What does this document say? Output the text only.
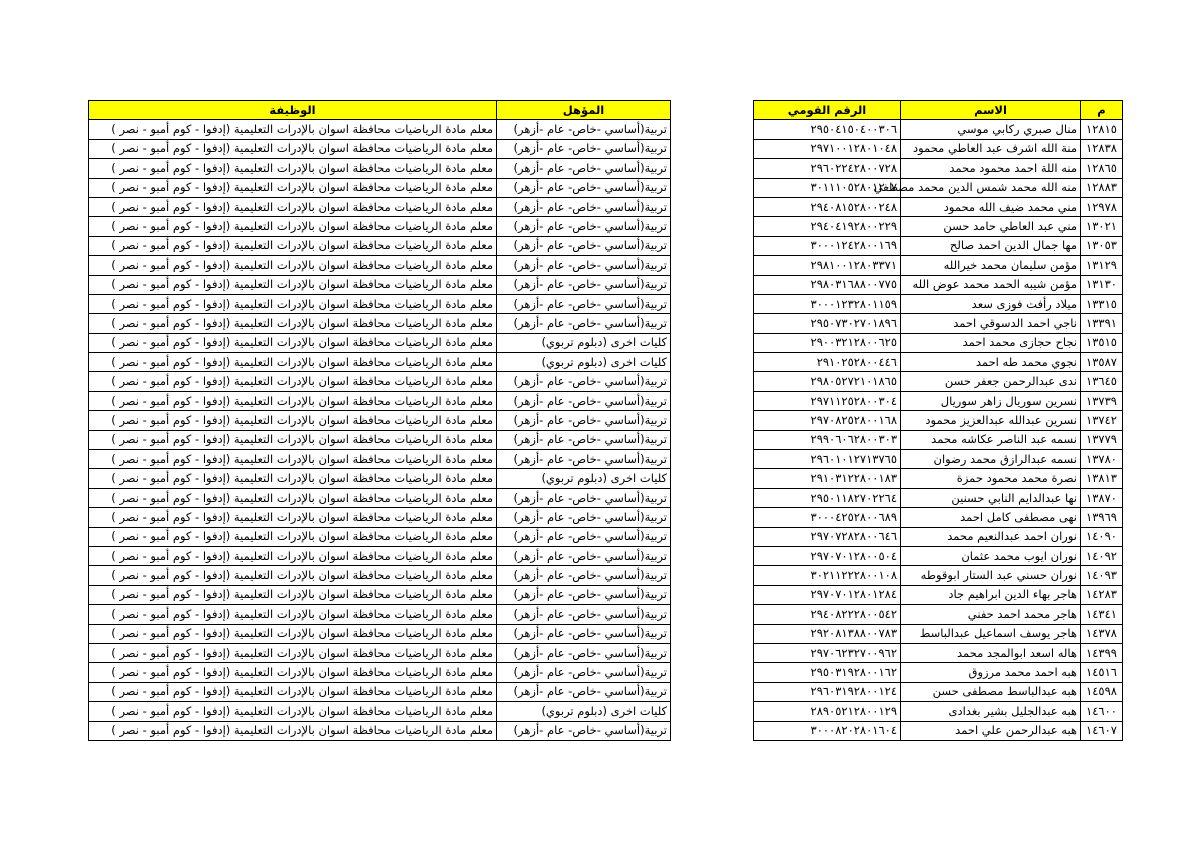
م	الاسم	الرقم القومي
١٢٨١٥	منال صبري ركابي موسي	٢٩٥٠٤١٥٠٤٠٠٣٠٦
١٢٨٣٨	منة الله اشرف عبد العاطي محمود	٢٩٧١٠٠١٢٨٠١٠٤٨
١٢٨٦٥	منه اللة احمد محمود محمد	٢٩٦٠٢٢٤٢٨٠٠٧٢٨
١٢٨٨٣	منه الله محمد شمس الدين محمد مصطفي	٣٠١١١٠٥٢٨٠١٢٠٧
١٢٩٧٨	مني محمد ضيف الله محمود	٢٩٤٠٨١٥٢٨٠٠٢٤٨
١٣٠٢١	مني عبد العاطي حامد حسن	٢٩٤٠٤١٩٢٨٠٠٢٢٩
١٣٠٥٣	مها جمال الدين احمد صالح	٣٠٠٠١٢٤٢٨٠٠١٦٩
١٣١٢٩	مؤمن سليمان محمد خيرالله	٢٩٨١٠٠١٢٨٠٣٣٧١
١٣١٣٠	مؤمن شيبه الحمد محمد عوض الله	٢٩٨٠٣١٦٨٨٠٠٧٧٥
١٣٣١٥	ميلاد رأفت فوزى سعد	٣٠٠٠١٢٣٢٨٠١١٥٩
١٣٣٩١	ناجي احمد الدسوقي احمد	٢٩٥٠٧٣٠٢٧٠١٨٩٦
١٣٥١٥	نجاح حجازى محمد احمد	٢٩٠٠٣٢١٢٨٠٠٦٢٥
١٣٥٨٧	نجوي محمد طه احمد	٢٩١٠٢٥٢٨٠٠٤٤٦
١٣٦٤٥	ندى عبدالرحمن جعفر حسن	٢٩٨٠٥٢٧٢١٠١٨٦٥
١٣٧٣٩	نسرين سوريال زاهر سوريال	٢٩٧١١٢٥٢٨٠٠٣٠٤
١٣٧٤٢	نسرين عبدالله عبدالعزيز محمود	٢٩٧٠٨٢٥٢٨٠٠١٦٨
١٣٧٧٩	نسمه عبد الناصر عكاشه محمد	٢٩٩٠٦٠٦٢٨٠٠٣٠٣
١٣٧٨٠	نسمه عبدالرازق محمد رضوان	٢٩٦٠١٠١٢٧١٣٧٦٥
١٣٨١٣	نصرة محمد محمود حمزة	٢٩١٠٣١٢٢٨٠٠١٨٣
١٣٨٧٠	نها عبدالدايم النابي حسنين	٢٩٥٠١١٨٢٧٠٢٢٦٤
١٣٩٦٩	نهى مصطفى كامل احمد	٣٠٠٠٤٢٥٢٨٠٠٦٨٩
١٤٠٩٠	نوران احمد عبدالنعيم محمد	٢٩٧٠٧٢٨٢٨٠٠٦٤٦
١٤٠٩٢	نوران ايوب محمد عثمان	٢٩٧٠٧٠١٢٨٠٠٥٠٤
١٤٠٩٣	نوران حسني عبد الستار ابوقوطه	٣٠٢١١٢٢٢٨٠٠١٠٨
١٤٢٨٣	هاجر بهاء الدين ابراهيم جاد	٢٩٧٠٧٠١٢٨٠١٢٨٤
١٤٣٤١	هاجر محمد احمد حفني	٢٩٤٠٨٢٢٢٨٠٠٥٤٢
١٤٣٧٨	هاجر يوسف اسماعيل عبدالباسط	٢٩٢٠٨١٣٨٨٠٠٧٨٣
١٤٣٩٩	هاله اسعد ابوالمجد محمد	٢٩٧٠٦٢٣٢٧٠٠٩٦٢
١٤٥١٦	هبه احمد محمد مرزوق	٢٩٥٠٣١٩٢٨٠٠١٦٢
١٤٥٩٨	هبه عبدالباسط مصطفى حسن	٢٩٦٠٣١٩٢٨٠٠١٢٤
١٤٦٠٠	هبه عبدالجليل بشير بغدادى	٢٨٩٠٥٢١٢٨٠٠١٢٩
١٤٦٠٧	هبه عبدالرحمن علي احمد	٣٠٠٠٨٢٠٢٨٠١٦٠٤
المؤهل	الوظيفة
تربية(أساسي -خاص- عام -أزهر)	معلم مادة الرياضيات محافظة اسوان بالإدرات التعليمية (إدفوا - كوم أمبو - نصر )
تربية(أساسي -خاص- عام -أزهر)	معلم مادة الرياضيات محافظة اسوان بالإدرات التعليمية (إدفوا - كوم أمبو - نصر )
تربية(أساسي -خاص- عام -أزهر)	معلم مادة الرياضيات محافظة اسوان بالإدرات التعليمية (إدفوا - كوم أمبو - نصر )
تربية(أساسي -خاص- عام -أزهر)	معلم مادة الرياضيات محافظة اسوان بالإدرات التعليمية (إدفوا - كوم أمبو - نصر )
تربية(أساسي -خاص- عام -أزهر)	معلم مادة الرياضيات محافظة اسوان بالإدرات التعليمية (إدفوا - كوم أمبو - نصر )
تربية(أساسي -خاص- عام -أزهر)	معلم مادة الرياضيات محافظة اسوان بالإدرات التعليمية (إدفوا - كوم أمبو - نصر )
تربية(أساسي -خاص- عام -أزهر)	معلم مادة الرياضيات محافظة اسوان بالإدرات التعليمية (إدفوا - كوم أمبو - نصر )
تربية(أساسي -خاص- عام -أزهر)	معلم مادة الرياضيات محافظة اسوان بالإدرات التعليمية (إدفوا - كوم أمبو - نصر )
تربية(أساسي -خاص- عام -أزهر)	معلم مادة الرياضيات محافظة اسوان بالإدرات التعليمية (إدفوا - كوم أمبو - نصر )
تربية(أساسي -خاص- عام -أزهر)	معلم مادة الرياضيات محافظة اسوان بالإدرات التعليمية (إدفوا - كوم أمبو - نصر )
تربية(أساسي -خاص- عام -أزهر)	معلم مادة الرياضيات محافظة اسوان بالإدرات التعليمية (إدفوا - كوم أمبو - نصر )
كليات اخرى (دبلوم تربوي)	معلم مادة الرياضيات محافظة اسوان بالإدرات التعليمية (إدفوا - كوم أمبو - نصر )
كليات اخرى (دبلوم تربوي)	معلم مادة الرياضيات محافظة اسوان بالإدرات التعليمية (إدفوا - كوم أمبو - نصر )
تربية(أساسي -خاص- عام -أزهر)	معلم مادة الرياضيات محافظة اسوان بالإدرات التعليمية (إدفوا - كوم أمبو - نصر )
تربية(أساسي -خاص- عام -أزهر)	معلم مادة الرياضيات محافظة اسوان بالإدرات التعليمية (إدفوا - كوم أمبو - نصر )
تربية(أساسي -خاص- عام -أزهر)	معلم مادة الرياضيات محافظة اسوان بالإدرات التعليمية (إدفوا - كوم أمبو - نصر )
تربية(أساسي -خاص- عام -أزهر)	معلم مادة الرياضيات محافظة اسوان بالإدرات التعليمية (إدفوا - كوم أمبو - نصر )
تربية(أساسي -خاص- عام -أزهر)	معلم مادة الرياضيات محافظة اسوان بالإدرات التعليمية (إدفوا - كوم أمبو - نصر )
كليات اخرى (دبلوم تربوي)	معلم مادة الرياضيات محافظة اسوان بالإدرات التعليمية (إدفوا - كوم أمبو - نصر )
تربية(أساسي -خاص- عام -أزهر)	معلم مادة الرياضيات محافظة اسوان بالإدرات التعليمية (إدفوا - كوم أمبو - نصر )
تربية(أساسي -خاص- عام -أزهر)	معلم مادة الرياضيات محافظة اسوان بالإدرات التعليمية (إدفوا - كوم أمبو - نصر )
تربية(أساسي -خاص- عام -أزهر)	معلم مادة الرياضيات محافظة اسوان بالإدرات التعليمية (إدفوا - كوم أمبو - نصر )
تربية(أساسي -خاص- عام -أزهر)	معلم مادة الرياضيات محافظة اسوان بالإدرات التعليمية (إدفوا - كوم أمبو - نصر )
تربية(أساسي -خاص- عام -أزهر)	معلم مادة الرياضيات محافظة اسوان بالإدرات التعليمية (إدفوا - كوم أمبو - نصر )
تربية(أساسي -خاص- عام -أزهر)	معلم مادة الرياضيات محافظة اسوان بالإدرات التعليمية (إدفوا - كوم أمبو - نصر )
تربية(أساسي -خاص- عام -أزهر)	معلم مادة الرياضيات محافظة اسوان بالإدرات التعليمية (إدفوا - كوم أمبو - نصر )
تربية(أساسي -خاص- عام -أزهر)	معلم مادة الرياضيات محافظة اسوان بالإدرات التعليمية (إدفوا - كوم أمبو - نصر )
تربية(أساسي -خاص- عام -أزهر)	معلم مادة الرياضيات محافظة اسوان بالإدرات التعليمية (إدفوا - كوم أمبو - نصر )
تربية(أساسي -خاص- عام -أزهر)	معلم مادة الرياضيات محافظة اسوان بالإدرات التعليمية (إدفوا - كوم أمبو - نصر )
تربية(أساسي -خاص- عام -أزهر)	معلم مادة الرياضيات محافظة اسوان بالإدرات التعليمية (إدفوا - كوم أمبو - نصر )
كليات اخرى (دبلوم تربوي)	معلم مادة الرياضيات محافظة اسوان بالإدرات التعليمية (إدفوا - كوم أمبو - نصر )
تربية(أساسي -خاص- عام -أزهر)	معلم مادة الرياضيات محافظة اسوان بالإدرات التعليمية (إدفوا - كوم أمبو - نصر )
